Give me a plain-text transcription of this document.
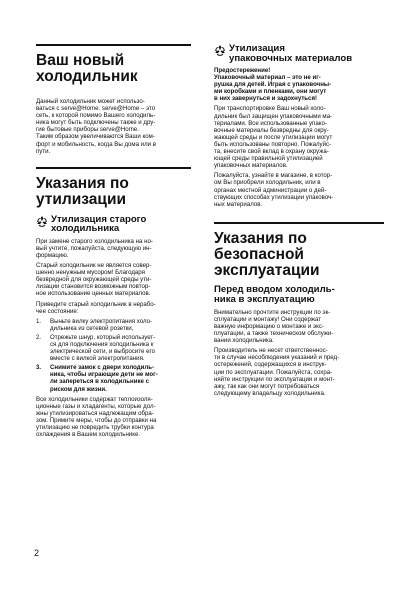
Ваш новый
холодильник
Данный холодильник может использо-
ваться с serve@Home. serve@Home – это
сеть, к которой помимо Вашего холодиль-
ника могут быть подключены также и дру-
гие бытовые приборы serve@Home.
Таким образом увеличиваются Ваши ком-
форт и мобильность, когда Вы дома или в
пути.
Указания по
утилизации
Утилизация старого
холодильника
При замене старого холодильника на но-
вый учтите, пожалуйста, следующую ин-
формацию.
Старый холодильник не является совер-
шенно ненужным мусором! Благодаря
безвредной для окружающей среды ути-
лизации становится возможным повтор-
ное использование ценных материалов.
Приведите старый холодильник в нерабо-
чее состояние:
1.	Выньте вилку электропитания холо-
дильника из сетевой розетки,
2.	Отрежьте шнур, который использует-
ся для подключения холодильника к
электрической сети, и выбросите его
вместе с вилкой электропитания.
3.	Снимите замок с двери холодиль-
ника, чтобы играющие дети не мог-
ли запереться в холодильнике с
риском для жизни.
Все холодильники содержат теплоизоля-
ционные газы и хладагенты, которые дол-
жны утилизироваться надлежащим обра-
зом. Примите меры, чтобы до отправки на
утилизацию не повредить трубки контура
охлаждения в Вашем холодильнике.
Утилизация
упаковочных материалов
Предостережение!
Упаковочный материал – это не иг-
рушка для детей. Играя с упаковочны-
ми коробками и пленками, они могут
в них завернуться и задохнуться!
При транспортировке Ваш новый холо-
дильник был защищен упаковочными ма-
териалами. Все использованные упако-
вочные материалы безвредны для окру-
жающей среды и после утилизации могут
быть использованы повторно. Пожалуйс-
та, внесите свой вклад в охрану окружа-
ющей среды правильной утилизацией
упаковочных материалов.
Пожалуйста, узнайте в магазине, в котор-
ом Вы приобрели холодильник, или в
органах местной администрации о дей-
ствующих способах утилизации упаковоч-
ных материалов.
Указания по
безопасной
эксплуатации
Перед вводом холодиль-
ника в эксплуатацию
Внимательно прочтите инструкции по эк-
сплуатации и монтажу! Они содержат
важную информацию о монтаже и экс-
плуатации, а также техническом обслужи-
вании холодильника.
Производитель не несет ответственнос-
ти в случае несоблюдения указаний и пред-
остережений, содержащихся в инструк-
ции по эксплуатации. Пожалуйста, сохра-
няйте инструкции по эксплуатации и монт-
ажу, так как они могут потребоваться
следующему владельцу холодильника.
2
